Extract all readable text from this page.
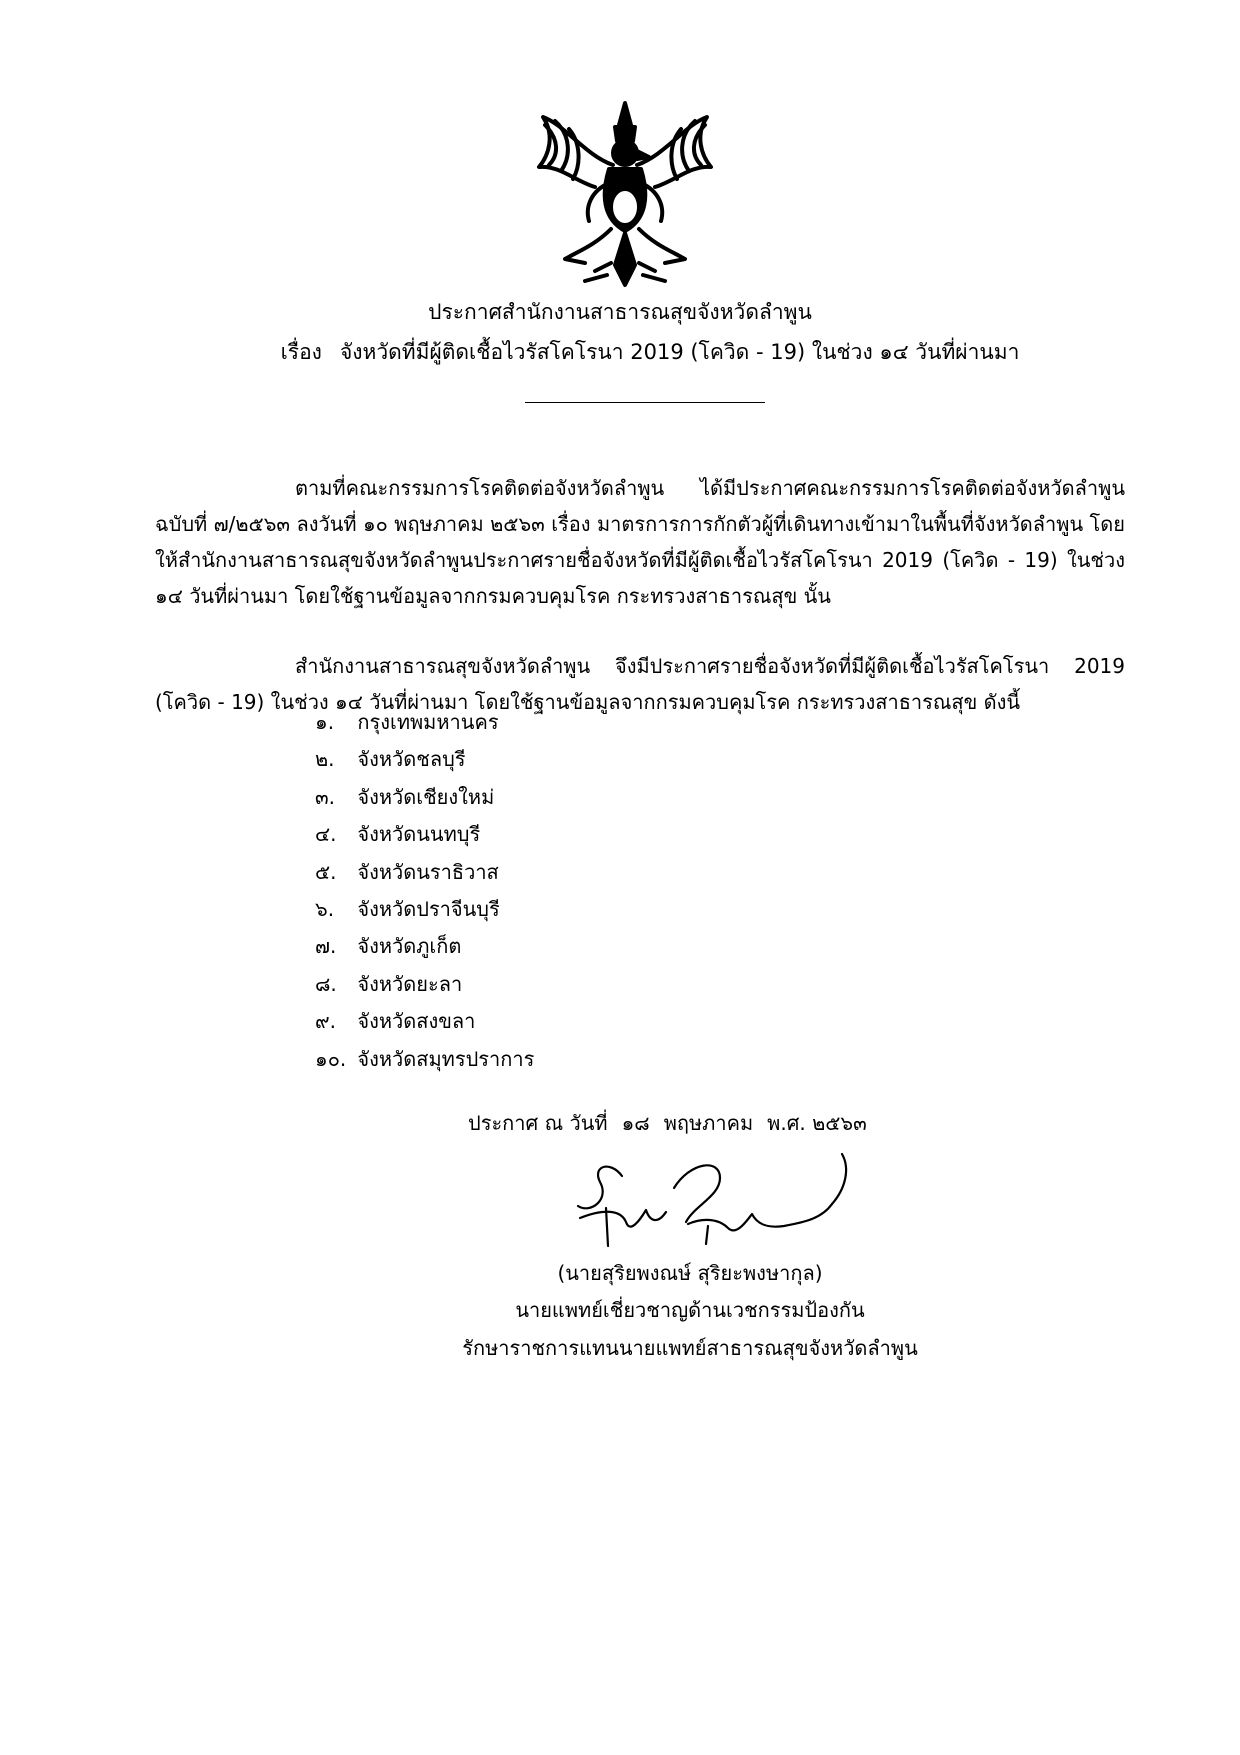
ประกาศสำนักงานสาธารณสุขจังหวัดลำพูน
เรื่อง จังหวัดที่มีผู้ติดเชื้อไวรัสโคโรนา 2019 (โควิด - 19) ในช่วง ๑๔ วันที่ผ่านมา

ตามที่คณะกรรมการโรคติดต่อจังหวัดลำพูน ได้มีประกาศคณะกรรมการโรคติดต่อจังหวัดลำพูน ฉบับที่ ๗/๒๕๖๓ ลงวันที่ ๑๐ พฤษภาคม ๒๕๖๓ เรื่อง มาตรการการกักตัวผู้ที่เดินทางเข้ามาในพื้นที่จังหวัดลำพูน โดยให้สำนักงานสาธารณสุขจังหวัดลำพูนประกาศรายชื่อจังหวัดที่มีผู้ติดเชื้อไวรัสโคโรนา 2019 (โควิด - 19) ในช่วง ๑๔ วันที่ผ่านมา โดยใช้ฐานข้อมูลจากกรมควบคุมโรค กระทรวงสาธารณสุข นั้น

สำนักงานสาธารณสุขจังหวัดลำพูน จึงมีประกาศรายชื่อจังหวัดที่มีผู้ติดเชื้อไวรัสโคโรนา 2019 (โควิด - 19) ในช่วง ๑๔ วันที่ผ่านมา โดยใช้ฐานข้อมูลจากกรมควบคุมโรค กระทรวงสาธารณสุข ดังนี้

๑. กรุงเทพมหานคร
๒. จังหวัดชลบุรี
๓. จังหวัดเชียงใหม่
๔. จังหวัดนนทบุรี
๕. จังหวัดนราธิวาส
๖. จังหวัดปราจีนบุรี
๗. จังหวัดภูเก็ต
๘. จังหวัดยะลา
๙. จังหวัดสงขลา
๑๐. จังหวัดสมุทรปราการ
ประกาศ ณ วันที่ ๑๘ พฤษภาคม พ.ศ. ๒๕๖๓
(นายสุริยพงณษ์ สุริยะพงษากุล)
นายแพทย์เชี่ยวชาญด้านเวชกรรมป้องกัน
รักษาราชการแทนนายแพทย์สาธารณสุขจังหวัดลำพูน
